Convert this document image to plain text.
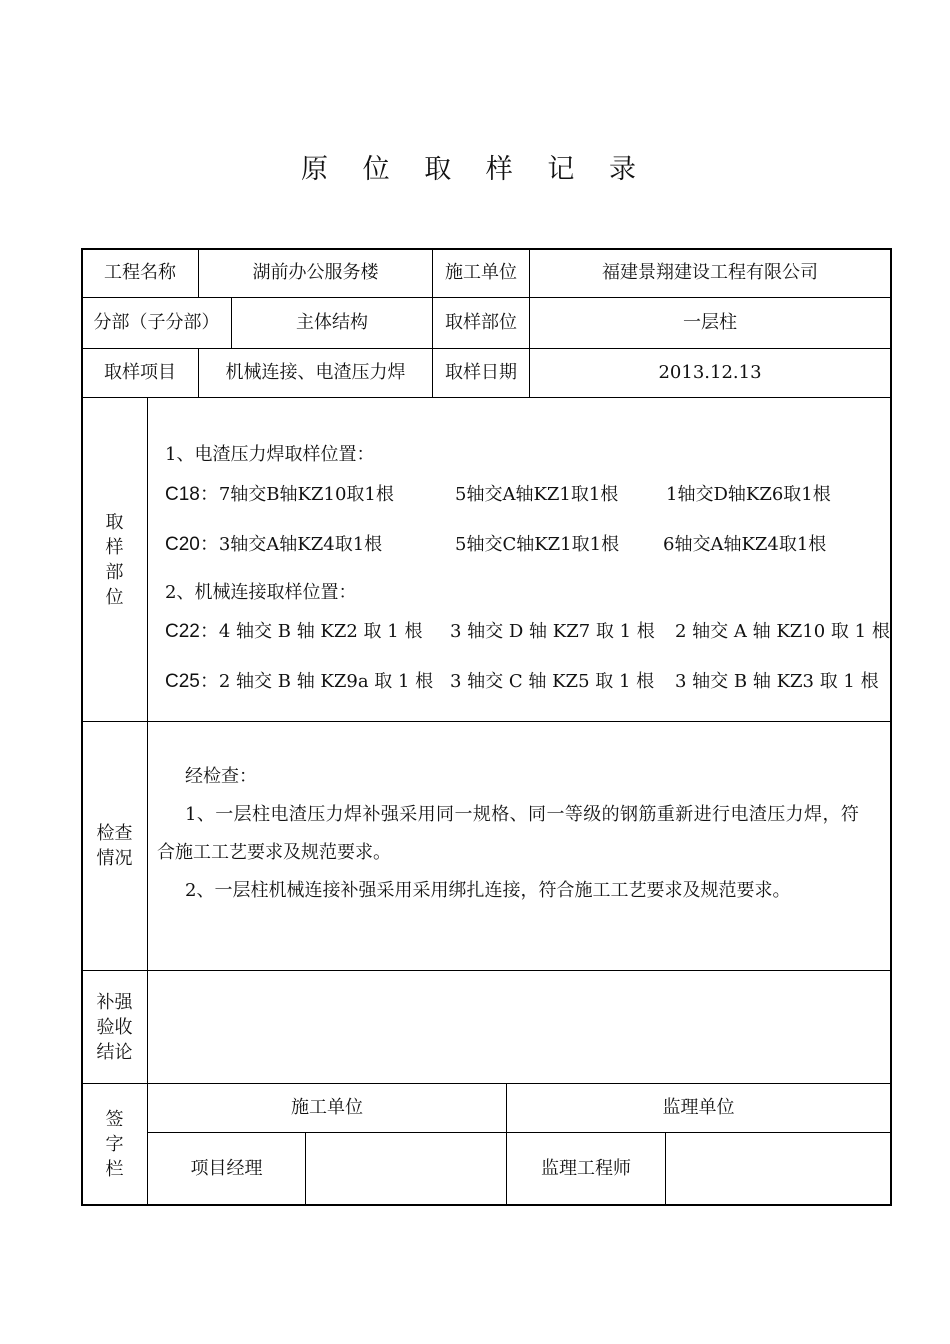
原 位 取 样 记 录
工程名称	湖前办公服务楼	施工单位	福建景翔建设工程有限公司
分部（子分部）	主体结构	取样部位	一层柱
取样项目	机械连接、电渣压力焊	取样日期	2013.12.13
取样部位
1、电渣压力焊取样位置：
C18：7轴交B轴KZ10取1根	5轴交A轴KZ1取1根	1轴交D轴KZ6取1根
C20：3轴交A轴KZ4取1根	5轴交C轴KZ1取1根 6轴交A轴KZ4取1根
2、机械连接取样位置：
C22：4 轴交 B 轴 KZ2 取 1 根 3 轴交 D 轴 KZ7 取 1 根 2 轴交 A 轴 KZ10 取 1 根
C25：2 轴交 B 轴 KZ9a 取 1 根 3 轴交 C 轴 KZ5 取 1 根 3 轴交 B 轴 KZ3 取 1 根
检查情况
经检查：
1、一层柱电渣压力焊补强采用同一规格、同一等级的钢筋重新进行电渣压力焊，符
合施工工艺要求及规范要求。
2、一层柱机械连接补强采用采用绑扎连接，符合施工工艺要求及规范要求。
补强验收结论
签字栏
施工单位	监理单位
项目经理	监理工程师
